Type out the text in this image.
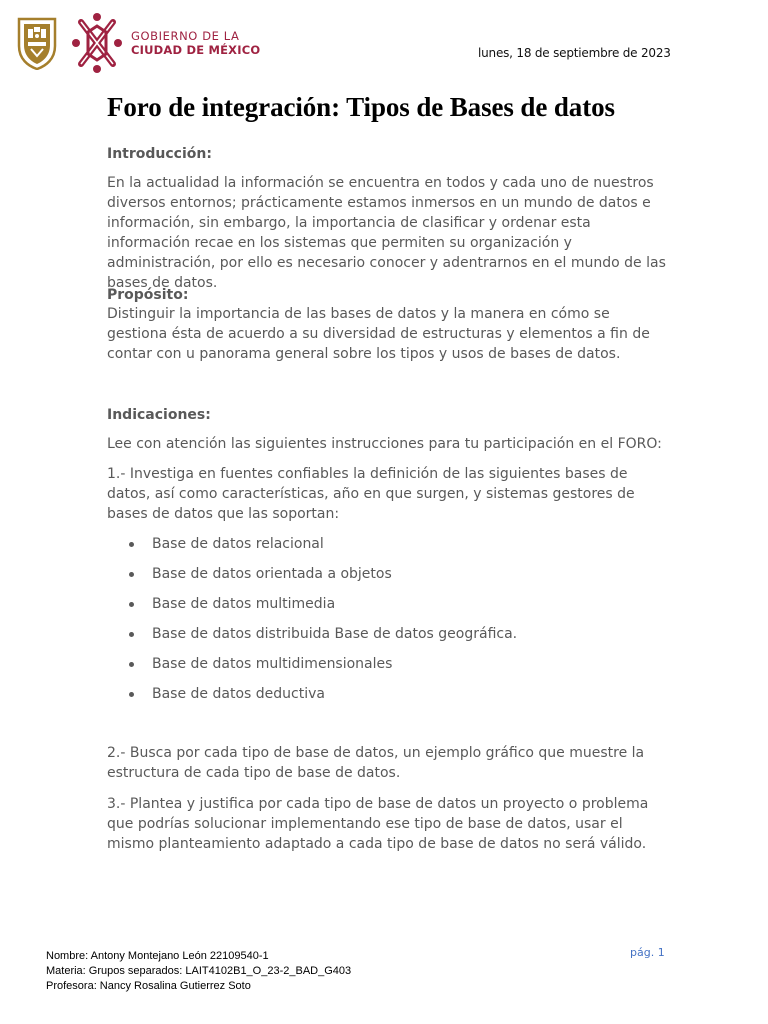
GOBIERNO DE LA
CIUDAD DE MÉXICO	lunes, 18 de septiembre de 2023
Foro de integración: Tipos de Bases de datos
Introducción:
En la actualidad la información se encuentra en todos y cada uno de nuestros diversos entornos; prácticamente estamos inmersos en un mundo de datos e información, sin embargo, la importancia de clasificar y ordenar esta información recae en los sistemas que permiten su organización y administración, por ello es necesario conocer y adentrarnos en el mundo de las bases de datos.
Propósito:
Distinguir la importancia de las bases de datos y la manera en cómo se gestiona ésta de acuerdo a su diversidad de estructuras y elementos a fin de contar con u panorama general sobre los tipos y usos de bases de datos.
Indicaciones:
Lee con atención las siguientes instrucciones para tu participación en el FORO:
1.- Investiga en fuentes confiables la definición de las siguientes bases de datos, así como características, año en que surgen, y sistemas gestores de bases de datos que las soportan:
Base de datos relacional
Base de datos orientada a objetos
Base de datos multimedia
Base de datos distribuida Base de datos geográfica.
Base de datos multidimensionales
Base de datos deductiva
2.- Busca por cada tipo de base de datos, un ejemplo gráfico que muestre la estructura de cada tipo de base de datos.
3.- Plantea y justifica por cada tipo de base de datos un proyecto o problema que podrías solucionar implementando ese tipo de base de datos, usar el mismo planteamiento adaptado a cada tipo de base de datos no será válido.
Nombre: Antony Montejano León 22109540-1
Materia: Grupos separados: LAIT4102B1_O_23-2_BAD_G403
Profesora: Nancy Rosalina Gutierrez Soto
pág. 1
